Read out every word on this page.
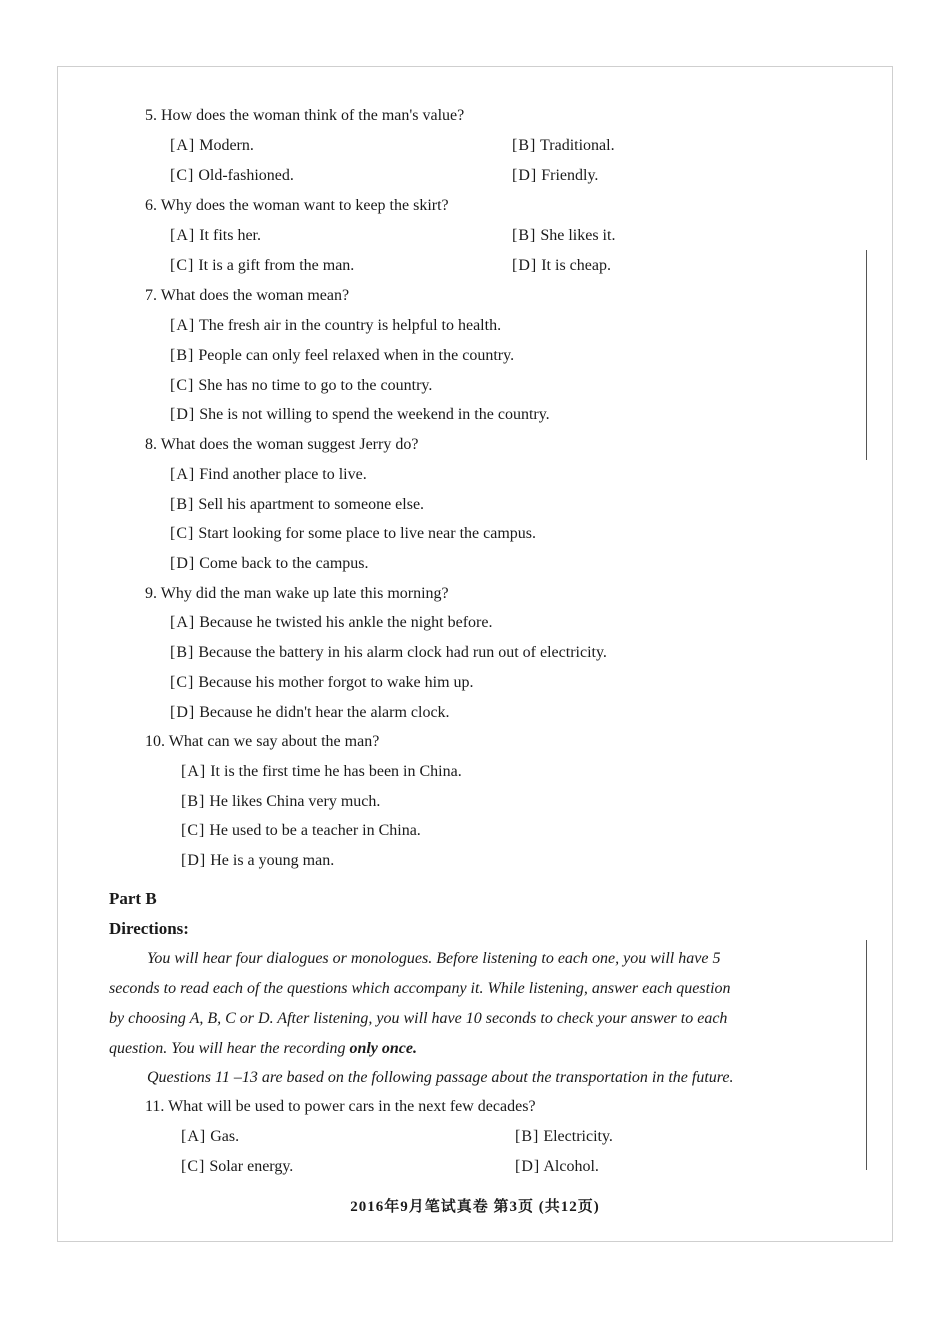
5. How does the woman think of the man's value?
[A] Modern.	[B] Traditional.
[C] Old-fashioned.	[D] Friendly.
6. Why does the woman want to keep the skirt?
[A] It fits her.	[B] She likes it.
[C] It is a gift from the man.	[D] It is cheap.
7. What does the woman mean?
[A] The fresh air in the country is helpful to health.
[B] People can only feel relaxed when in the country.
[C] She has no time to go to the country.
[D] She is not willing to spend the weekend in the country.
8. What does the woman suggest Jerry do?
[A] Find another place to live.
[B] Sell his apartment to someone else.
[C] Start looking for some place to live near the campus.
[D] Come back to the campus.
9. Why did the man wake up late this morning?
[A] Because he twisted his ankle the night before.
[B] Because the battery in his alarm clock had run out of electricity.
[C] Because his mother forgot to wake him up.
[D] Because he didn't hear the alarm clock.
10. What can we say about the man?
[A] It is the first time he has been in China.
[B] He likes China very much.
[C] He used to be a teacher in China.
[D] He is a young man.
Part B
Directions:
You will hear four dialogues or monologues. Before listening to each one, you will have 5
seconds to read each of the questions which accompany it. While listening, answer each question
by choosing A, B, C or D. After listening, you will have 10 seconds to check your answer to each
question. You will hear the recording only once.
Questions 11 –13 are based on the following passage about the transportation in the future.
11. What will be used to power cars in the next few decades?
[A] Gas.	[B] Electricity.
[C] Solar energy.	[D] Alcohol.
2016年9月笔试真卷 第3页 (共12页)
